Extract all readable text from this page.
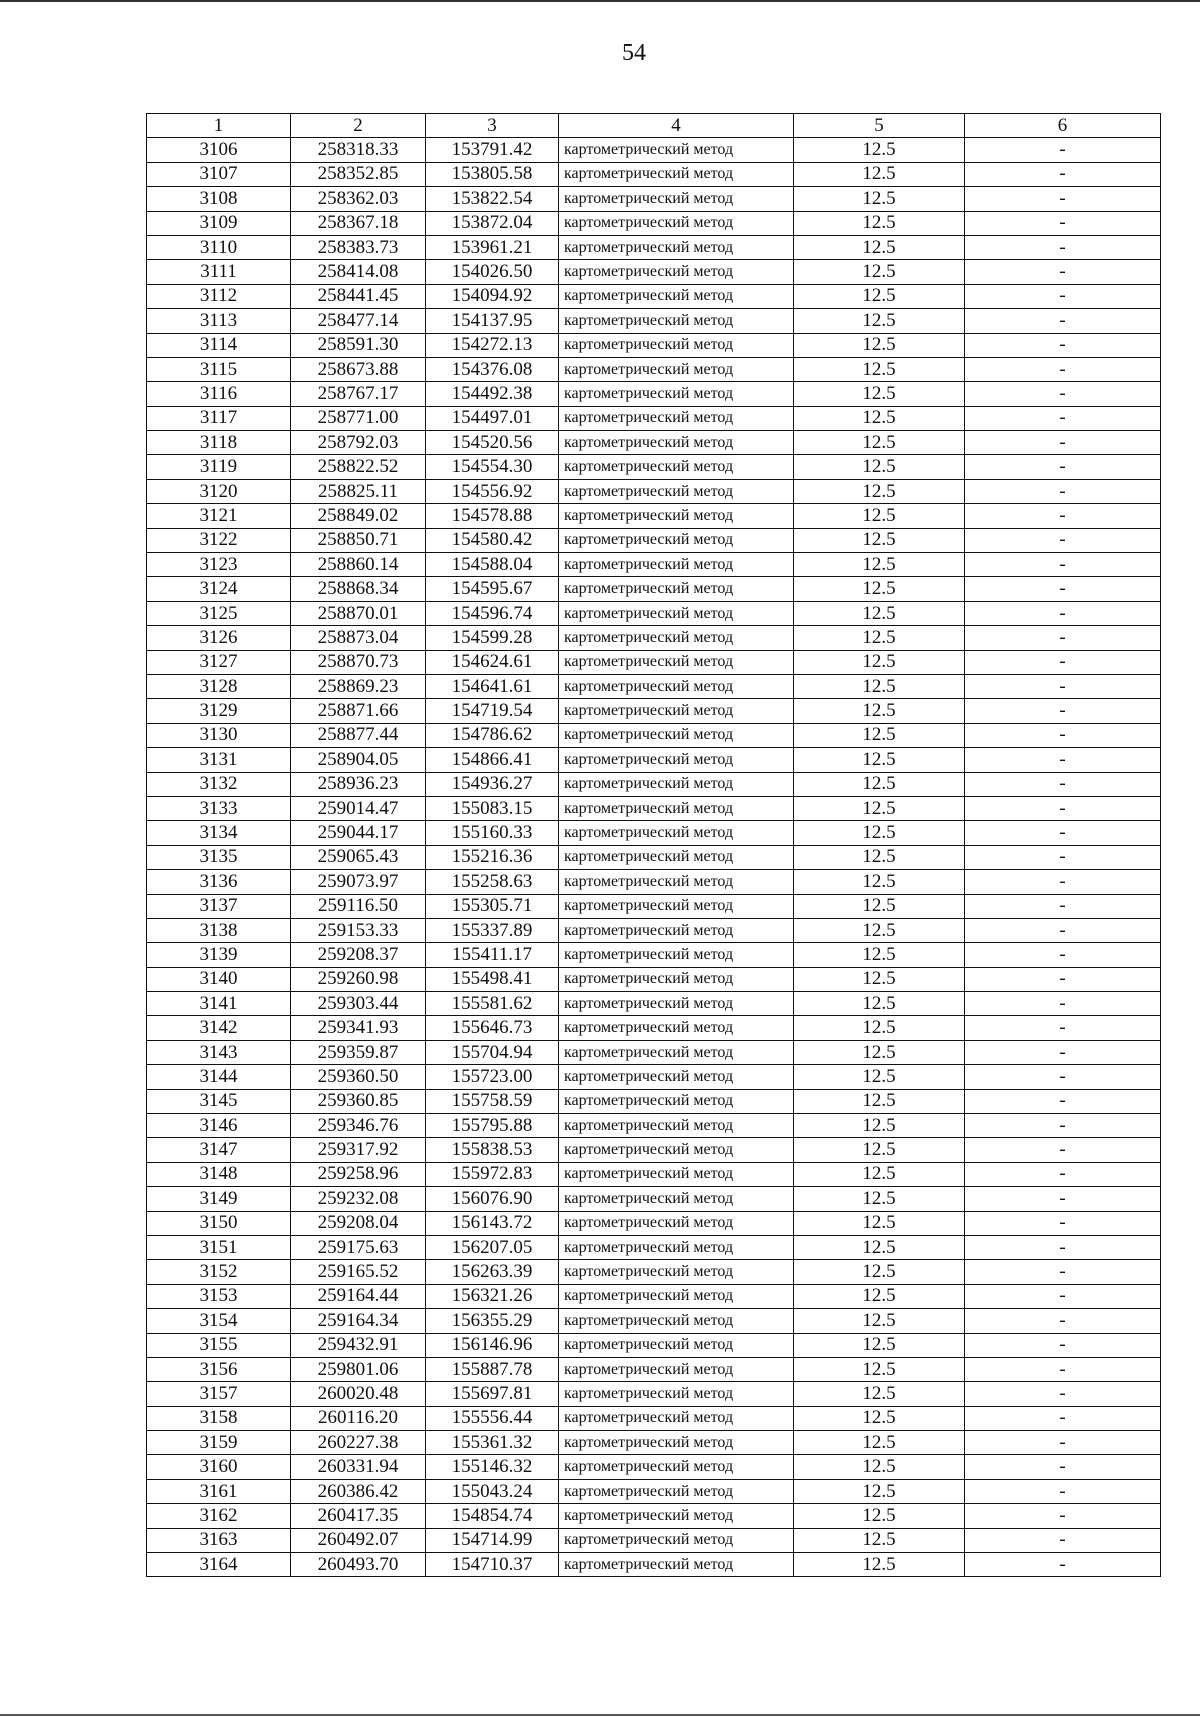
54
1	2	3	4	5	6
3106	258318.33	153791.42	картометрический метод	12.5	-
3107	258352.85	153805.58	картометрический метод	12.5	-
3108	258362.03	153822.54	картометрический метод	12.5	-
3109	258367.18	153872.04	картометрический метод	12.5	-
3110	258383.73	153961.21	картометрический метод	12.5	-
3111	258414.08	154026.50	картометрический метод	12.5	-
3112	258441.45	154094.92	картометрический метод	12.5	-
3113	258477.14	154137.95	картометрический метод	12.5	-
3114	258591.30	154272.13	картометрический метод	12.5	-
3115	258673.88	154376.08	картометрический метод	12.5	-
3116	258767.17	154492.38	картометрический метод	12.5	-
3117	258771.00	154497.01	картометрический метод	12.5	-
3118	258792.03	154520.56	картометрический метод	12.5	-
3119	258822.52	154554.30	картометрический метод	12.5	-
3120	258825.11	154556.92	картометрический метод	12.5	-
3121	258849.02	154578.88	картометрический метод	12.5	-
3122	258850.71	154580.42	картометрический метод	12.5	-
3123	258860.14	154588.04	картометрический метод	12.5	-
3124	258868.34	154595.67	картометрический метод	12.5	-
3125	258870.01	154596.74	картометрический метод	12.5	-
3126	258873.04	154599.28	картометрический метод	12.5	-
3127	258870.73	154624.61	картометрический метод	12.5	-
3128	258869.23	154641.61	картометрический метод	12.5	-
3129	258871.66	154719.54	картометрический метод	12.5	-
3130	258877.44	154786.62	картометрический метод	12.5	-
3131	258904.05	154866.41	картометрический метод	12.5	-
3132	258936.23	154936.27	картометрический метод	12.5	-
3133	259014.47	155083.15	картометрический метод	12.5	-
3134	259044.17	155160.33	картометрический метод	12.5	-
3135	259065.43	155216.36	картометрический метод	12.5	-
3136	259073.97	155258.63	картометрический метод	12.5	-
3137	259116.50	155305.71	картометрический метод	12.5	-
3138	259153.33	155337.89	картометрический метод	12.5	-
3139	259208.37	155411.17	картометрический метод	12.5	-
3140	259260.98	155498.41	картометрический метод	12.5	-
3141	259303.44	155581.62	картометрический метод	12.5	-
3142	259341.93	155646.73	картометрический метод	12.5	-
3143	259359.87	155704.94	картометрический метод	12.5	-
3144	259360.50	155723.00	картометрический метод	12.5	-
3145	259360.85	155758.59	картометрический метод	12.5	-
3146	259346.76	155795.88	картометрический метод	12.5	-
3147	259317.92	155838.53	картометрический метод	12.5	-
3148	259258.96	155972.83	картометрический метод	12.5	-
3149	259232.08	156076.90	картометрический метод	12.5	-
3150	259208.04	156143.72	картометрический метод	12.5	-
3151	259175.63	156207.05	картометрический метод	12.5	-
3152	259165.52	156263.39	картометрический метод	12.5	-
3153	259164.44	156321.26	картометрический метод	12.5	-
3154	259164.34	156355.29	картометрический метод	12.5	-
3155	259432.91	156146.96	картометрический метод	12.5	-
3156	259801.06	155887.78	картометрический метод	12.5	-
3157	260020.48	155697.81	картометрический метод	12.5	-
3158	260116.20	155556.44	картометрический метод	12.5	-
3159	260227.38	155361.32	картометрический метод	12.5	-
3160	260331.94	155146.32	картометрический метод	12.5	-
3161	260386.42	155043.24	картометрический метод	12.5	-
3162	260417.35	154854.74	картометрический метод	12.5	-
3163	260492.07	154714.99	картометрический метод	12.5	-
3164	260493.70	154710.37	картометрический метод	12.5	-
